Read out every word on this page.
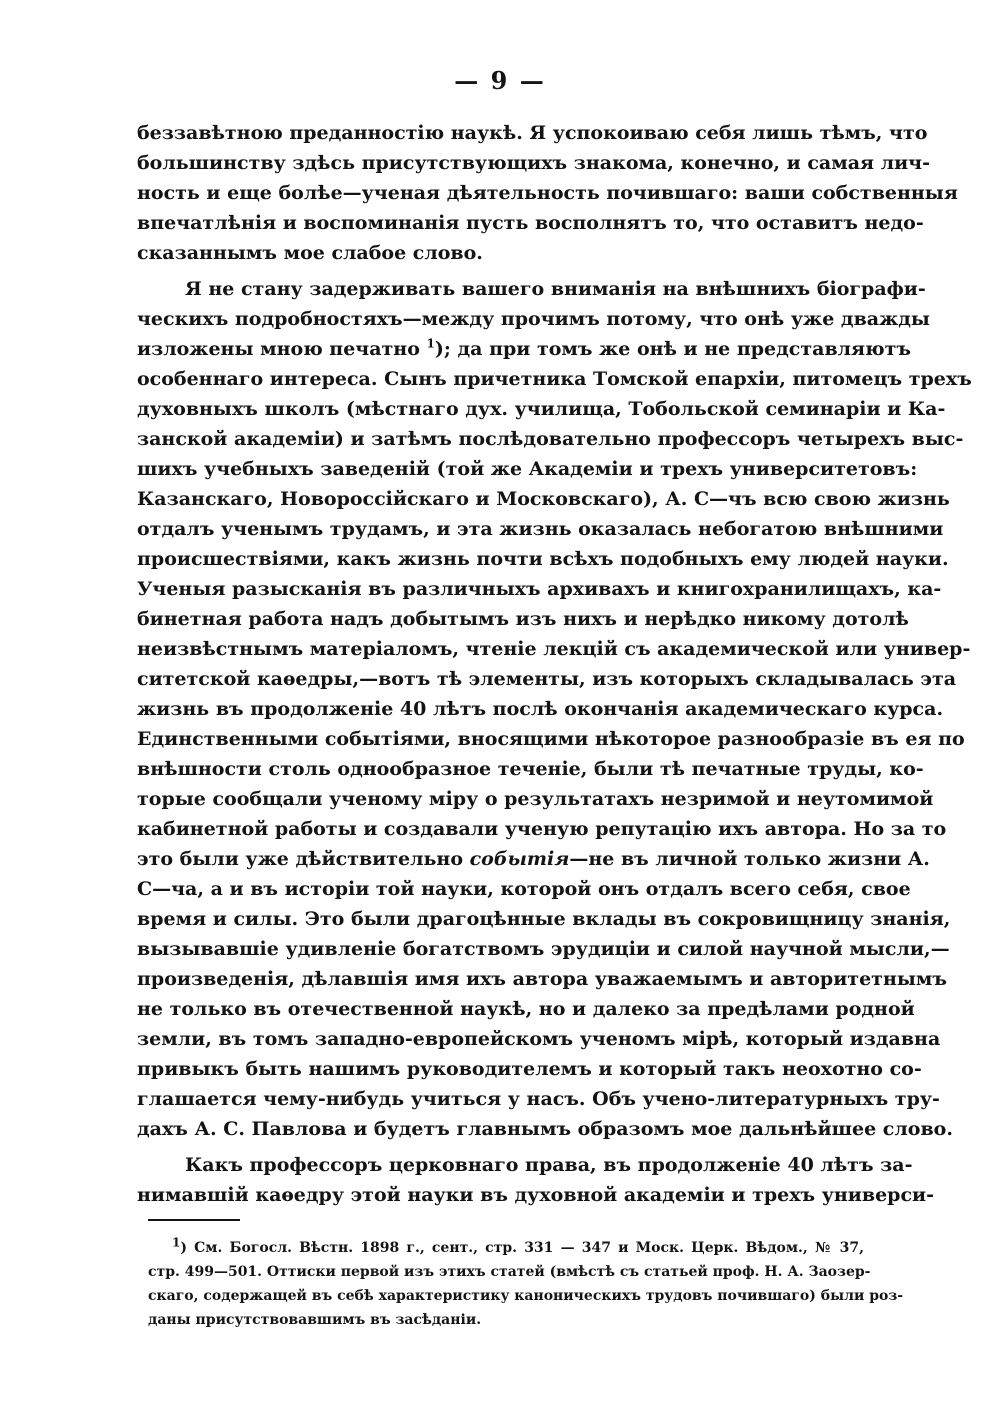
— 9 —
беззавѣтною преданностію наукѣ. Я успокоиваю себя лишь тѣмъ, что
большинству здѣсь присутствующихъ знакома, конечно, и самая лич-
ность и еще болѣе—ученая дѣятельность почившаго: ваши собственныя
впечатлѣнія и воспоминанія пусть восполнятъ то, что оставитъ недо-
сказаннымъ мое слабое слово.
Я не стану задерживать вашего вниманія на внѣшнихъ біографи-
ческихъ подробностяхъ—между прочимъ потому, что онѣ уже дважды
изложены мною печатно $^1$); да при томъ же онѣ и не представляютъ
особеннаго интереса. Сынъ причетника Томской епархіи, питомецъ трехъ
духовныхъ школъ (мѣстнаго дух. училища, Тобольской семинаріи и Ка-
занской академіи) и затѣмъ послѣдовательно профессоръ четырехъ выс-
шихъ учебныхъ заведеній (той же Академіи и трехъ университетовъ:
Казанскаго, Новороссійскаго и Московскаго), А. С—чъ всю свою жизнь
отдалъ ученымъ трудамъ, и эта жизнь оказалась небогатою внѣшними
происшествіями, какъ жизнь почти всѣхъ подобныхъ ему людей науки.
Ученыя разысканія въ различныхъ архивахъ и книгохранилищахъ, ка-
бинетная работа надъ добытымъ изъ нихъ и нерѣдко никому дотолѣ
неизвѣстнымъ матеріаломъ, чтеніе лекцій съ академической или универ-
ситетской каѳедры,—вотъ тѣ элементы, изъ которыхъ складывалась эта
жизнь въ продолженіе 40 лѣтъ послѣ окончанія академическаго курса.
Единственными событіями, вносящими нѣкоторое разнообразіе въ ея по
внѣшности столь однообразное теченіе, были тѣ печатные труды, ко-
торые сообщали ученому міру о результатахъ незримой и неутомимой
кабинетной работы и создавали ученую репутацію ихъ автора. Но за то
это были уже дѣйствительно событія—не въ личной только жизни А.
С—ча, а и въ исторіи той науки, которой онъ отдалъ всего себя, свое
время и силы. Это были драгоцѣнные вклады въ сокровищницу знанія,
вызывавшіе удивленіе богатствомъ эрудиціи и силой научной мысли,—
произведенія, дѣлавшія имя ихъ автора уважаемымъ и авторитетнымъ
не только въ отечественной наукѣ, но и далеко за предѣлами родной
земли, въ томъ западно-европейскомъ ученомъ мірѣ, который издавна
привыкъ быть нашимъ руководителемъ и который такъ неохотно со-
глашается чему-нибудь учиться у насъ. Объ учено-литературныхъ тру-
дахъ А. С. Павлова и будетъ главнымъ образомъ мое дальнѣйшее слово.
Какъ профессоръ церковнаго права, въ продолженіе 40 лѣтъ за-
нимавшій каѳедру этой науки въ духовной академіи и трехъ универси-
$^1$) См. Богосл. Вѣстн. 1898 г., сент., стр. 331 — 347 и Моск. Церк. Вѣдом., № 37,
стр. 499—501. Оттиски первой изъ этихъ статей (вмѣстѣ съ статьей проф. Н. А. Заозер-
скаго, содержащей въ себѣ характеристику каноническихъ трудовъ почившаго) были роз-
даны присутствовавшимъ въ засѣданіи.
